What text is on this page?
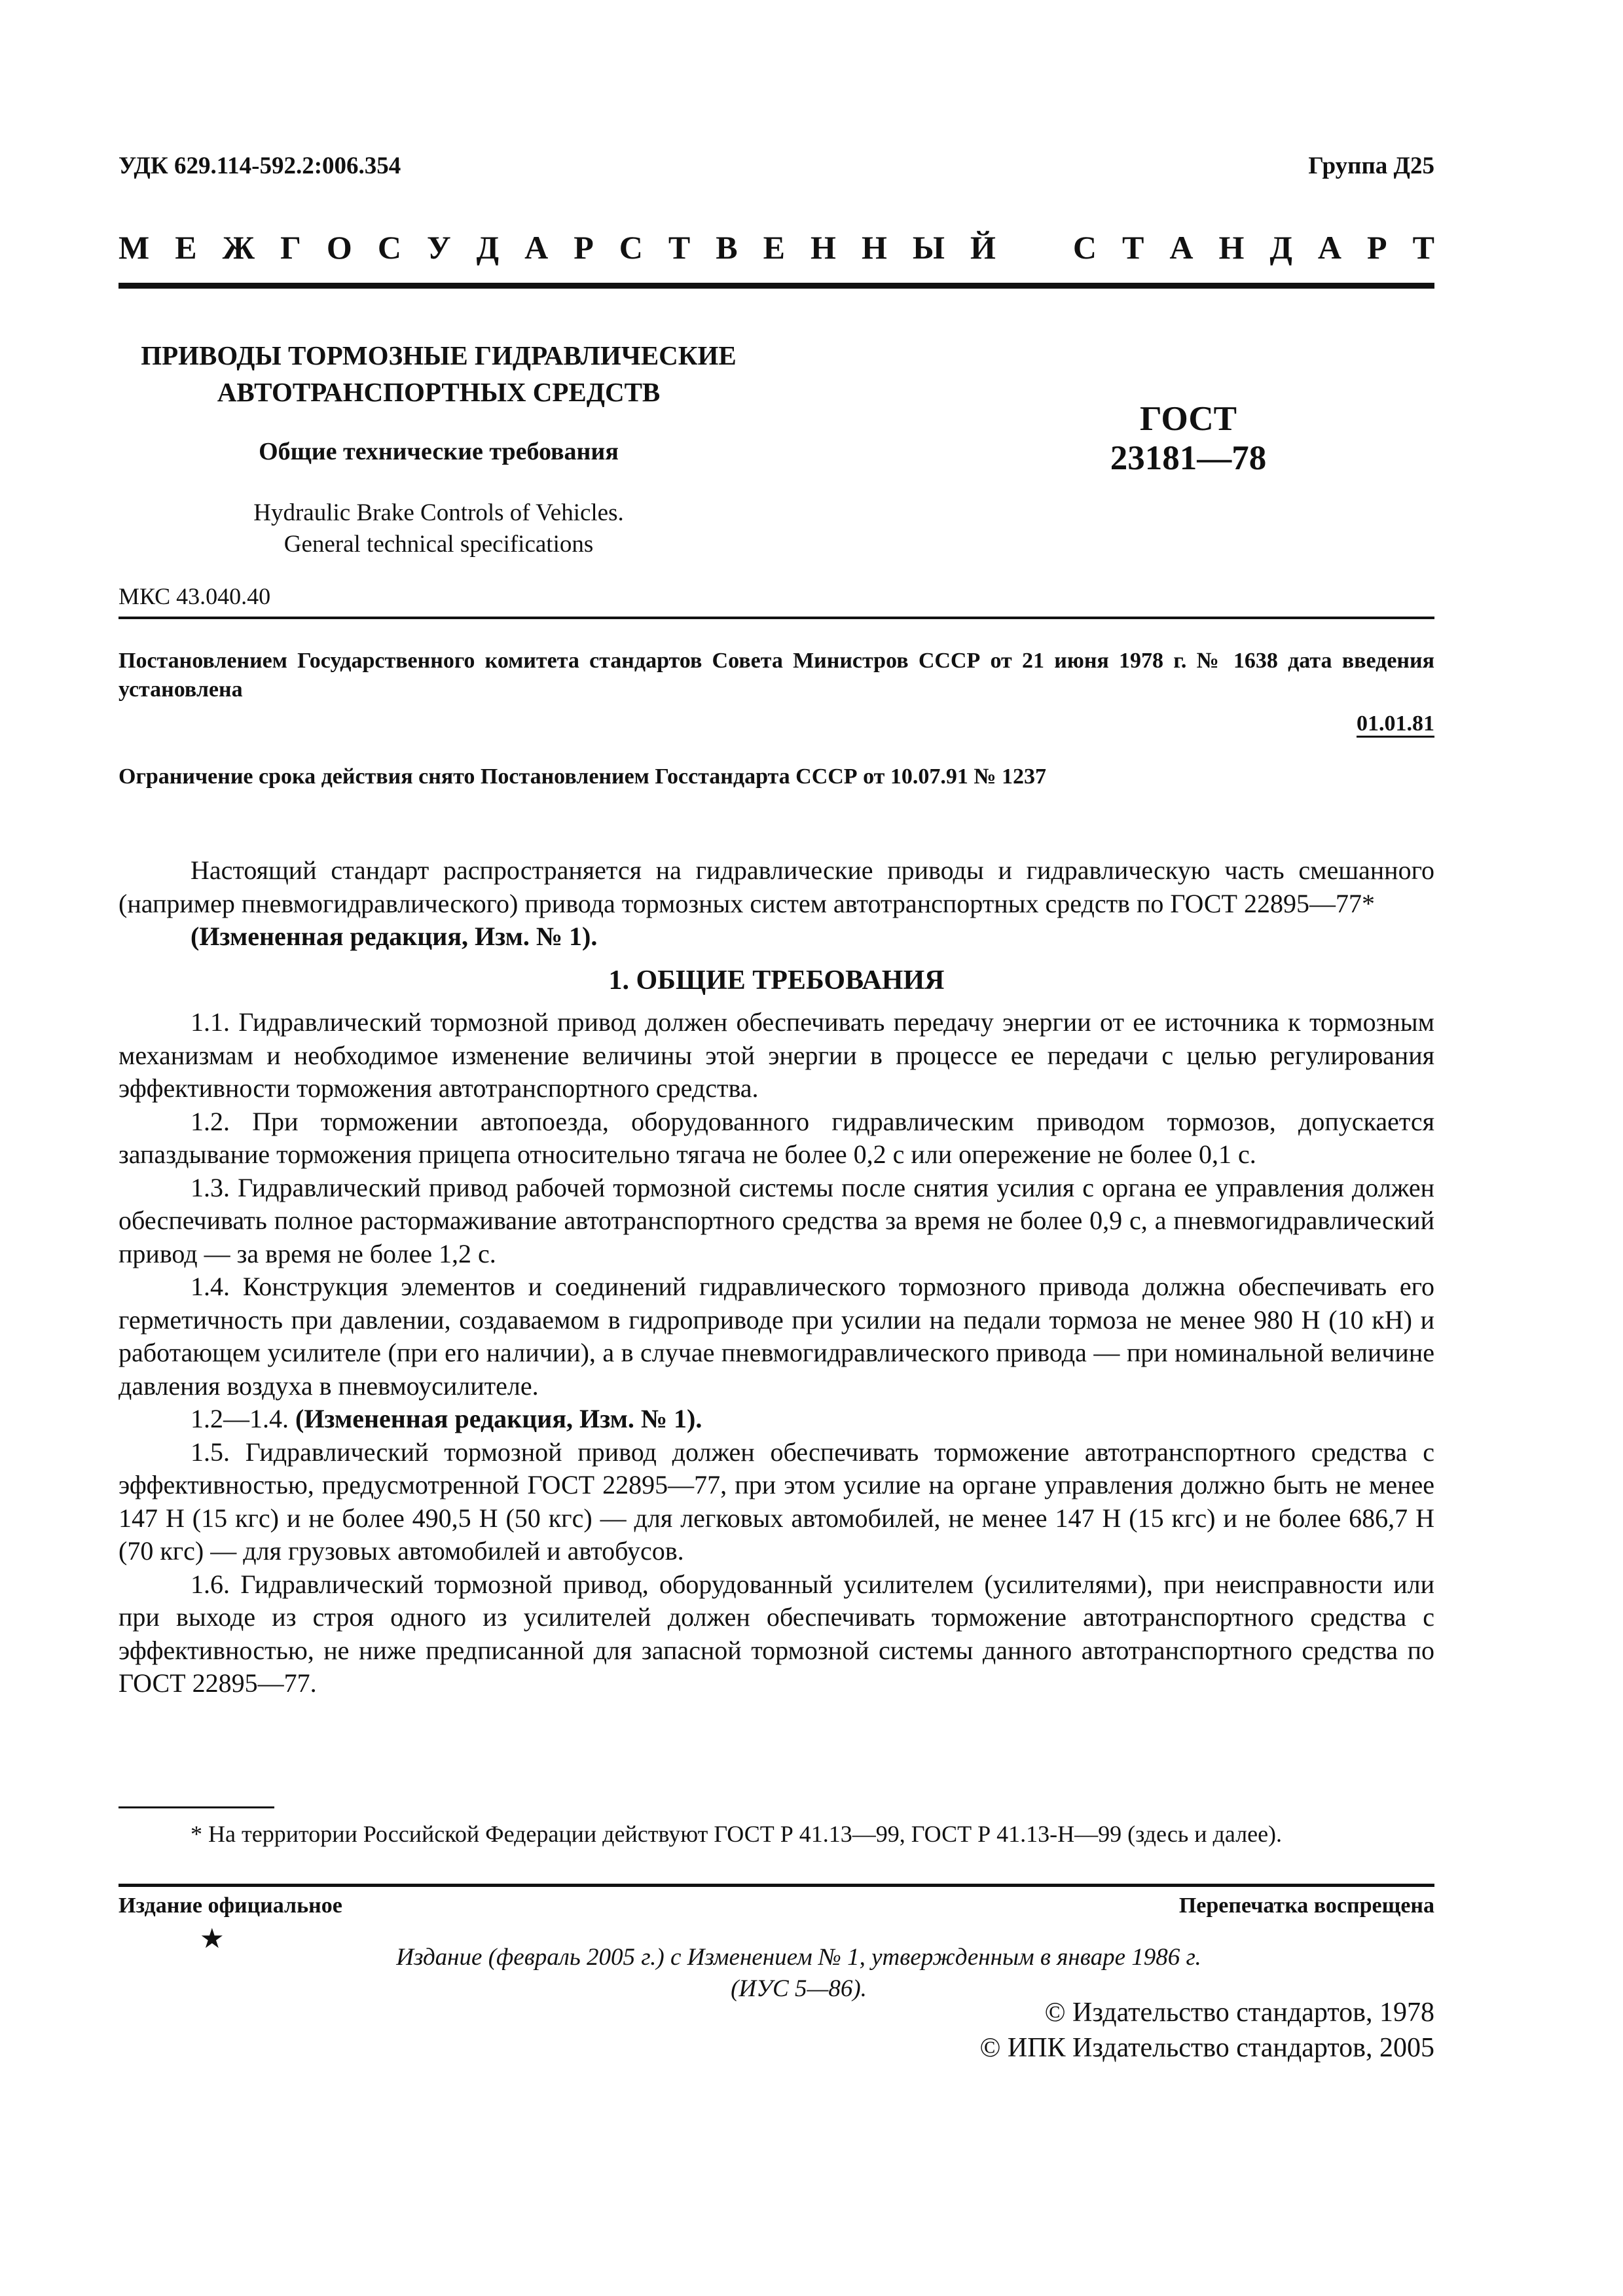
УДК 629.114-592.2:006.354	Группа Д25
М Е Ж Г О С У Д А Р С Т В Е Н Н Ы Й С Т А Н Д А Р Т
ПРИВОДЫ ТОРМОЗНЫЕ ГИДРАВЛИЧЕСКИЕ
АВТОТРАНСПОРТНЫХ СРЕДСТВ
Общие технические требования
Hydraulic Brake Controls of Vehicles.
General technical specifications
ГОСТ
23181—78
МКС 43.040.40
Постановлением Государственного комитета стандартов Совета Министров СССР от 21 июня 1978 г. № 1638 дата введения установлена
01.01.81
Ограничение срока действия снято Постановлением Госстандарта СССР от 10.07.91 № 1237

Настоящий стандарт распространяется на гидравлические приводы и гидравлическую часть смешанного (например пневмогидравлического) привода тормозных систем автотранспортных средств по ГОСТ 22895—77*

(Измененная редакция, Изм. № 1).

1. ОБЩИЕ ТРЕБОВАНИЯ

1.1. Гидравлический тормозной привод должен обеспечивать передачу энергии от ее источника к тормозным механизмам и необходимое изменение величины этой энергии в процессе ее передачи с целью регулирования эффективности торможения автотранспортного средства.

1.2. При торможении автопоезда, оборудованного гидравлическим приводом тормозов, допускается запаздывание торможения прицепа относительно тягача не более 0,2 с или опережение не более 0,1 с.

1.3. Гидравлический привод рабочей тормозной системы после снятия усилия с органа ее управления должен обеспечивать полное растормаживание автотранспортного средства за время не более 0,9 с, а пневмогидравлический привод — за время не более 1,2 с.

1.4. Конструкция элементов и соединений гидравлического тормозного привода должна обеспечивать его герметичность при давлении, создаваемом в гидроприводе при усилии на педали тормоза не менее 980 Н (10 кН) и работающем усилителе (при его наличии), а в случае пневмогидравлического привода — при номинальной величине давления воздуха в пневмоусилителе.

1.2—1.4. (Измененная редакция, Изм. № 1).

1.5. Гидравлический тормозной привод должен обеспечивать торможение автотранспортного средства с эффективностью, предусмотренной ГОСТ 22895—77, при этом усилие на органе управления должно быть не менее 147 Н (15 кгс) и не более 490,5 Н (50 кгс) — для легковых автомобилей, не менее 147 Н (15 кгс) и не более 686,7 Н (70 кгс) — для грузовых автомобилей и автобусов.

1.6. Гидравлический тормозной привод, оборудованный усилителем (усилителями), при неисправности или при выходе из строя одного из усилителей должен обеспечивать торможение автотранспортного средства с эффективностью, не ниже предписанной для запасной тормозной системы данного автотранспортного средства по ГОСТ 22895—77.

* На территории Российской Федерации действуют ГОСТ Р 41.13—99, ГОСТ Р 41.13-Н—99 (здесь и далее).
Издание официальное	Перепечатка воспрещена
★
Издание (февраль 2005 г.) с Изменением № 1, утвержденным в январе 1986 г.
(ИУС 5—86).
© Издательство стандартов, 1978
© ИПК Издательство стандартов, 2005
